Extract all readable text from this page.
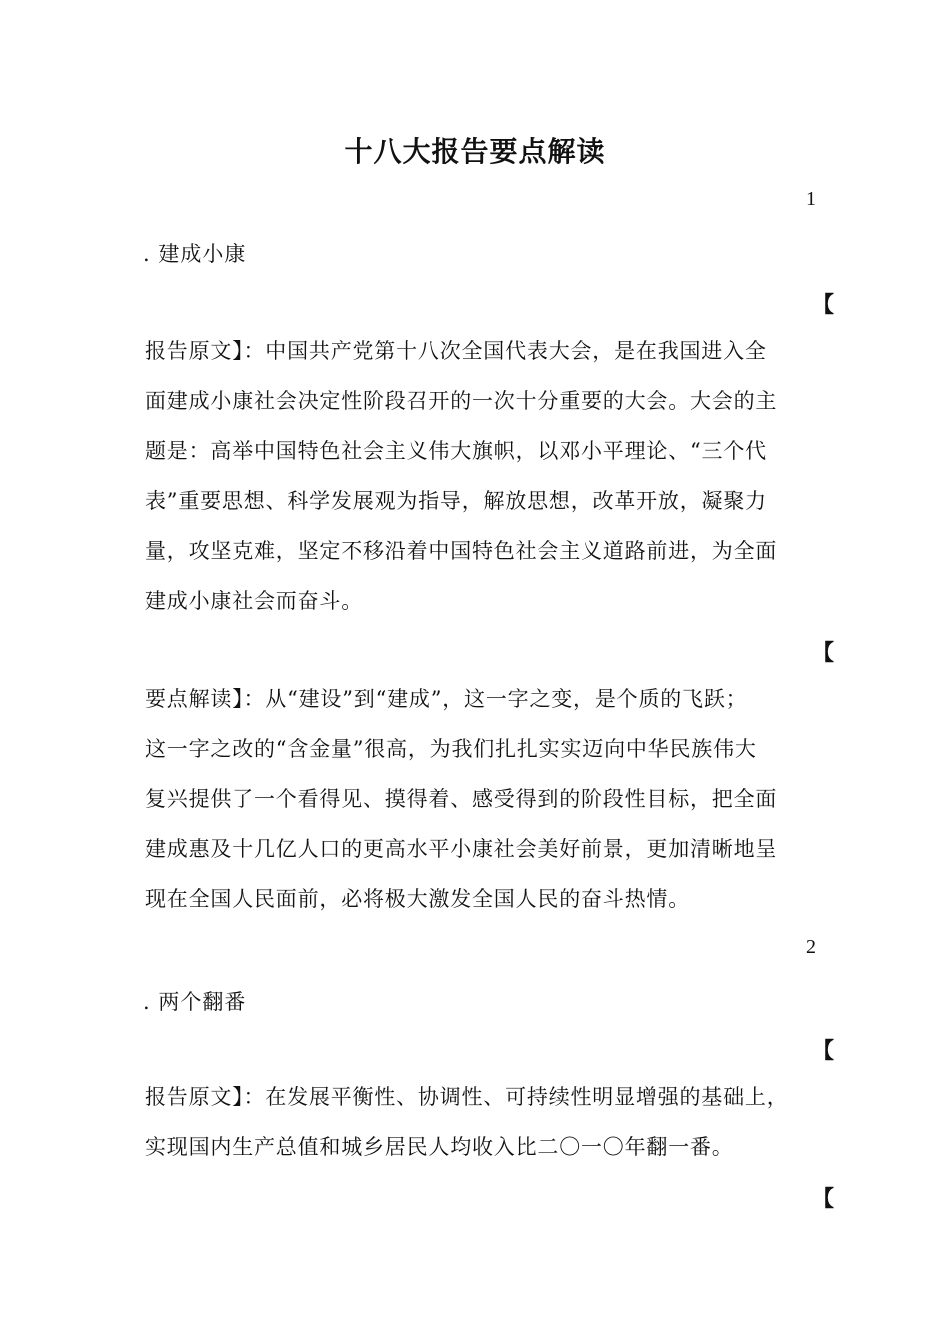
十八大报告要点解读
1
. 建成小康
【
报告原文】：中国共产党第十八次全国代表大会，是在我国进入全
面建成小康社会决定性阶段召开的一次十分重要的大会。大会的主
题是：高举中国特色社会主义伟大旗帜，以邓小平理论、“三个代
表”重要思想、科学发展观为指导，解放思想，改革开放，凝聚力
量，攻坚克难，坚定不移沿着中国特色社会主义道路前进，为全面
建成小康社会而奋斗。
【
要点解读】：从“建设”到“建成”，这一字之变，是个质的飞跃；
这一字之改的“含金量”很高，为我们扎扎实实迈向中华民族伟大
复兴提供了一个看得见、摸得着、感受得到的阶段性目标，把全面
建成惠及十几亿人口的更高水平小康社会美好前景，更加清晰地呈
现在全国人民面前，必将极大激发全国人民的奋斗热情。
2
. 两个翻番
【
报告原文】：在发展平衡性、协调性、可持续性明显增强的基础上，
实现国内生产总值和城乡居民人均收入比二〇一〇年翻一番。
【
